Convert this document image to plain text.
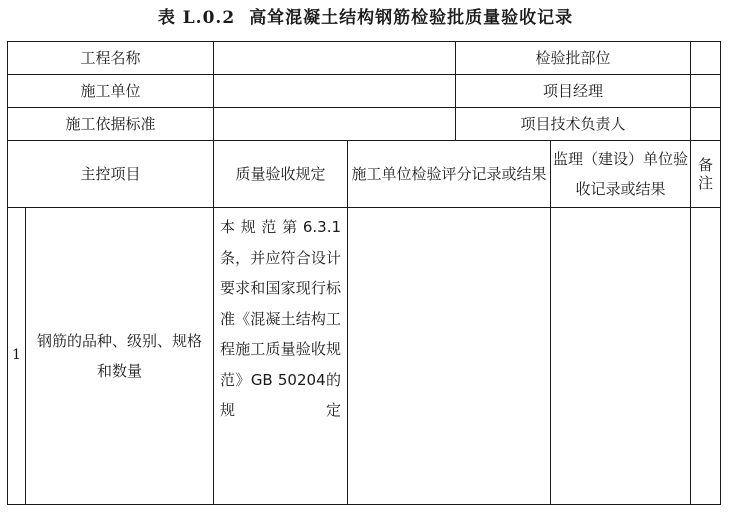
表 L.0.2 高耸混凝土结构钢筋检验批质量验收记录
工程名称				检验批部位		
施工单位				项目经理		
施工依据标准				项目技术负责人		
主控项目		质量验收规定	施工单位检验评分记录或结果		监理（建设）单位验收记录或结果	备注
1	钢筋的品种、级别、规格和数量	本规范第6.3.1条，并应符合设计要求和国家现行标准《混凝土结构工程施工质量验收规范》GB 50204的规定				
